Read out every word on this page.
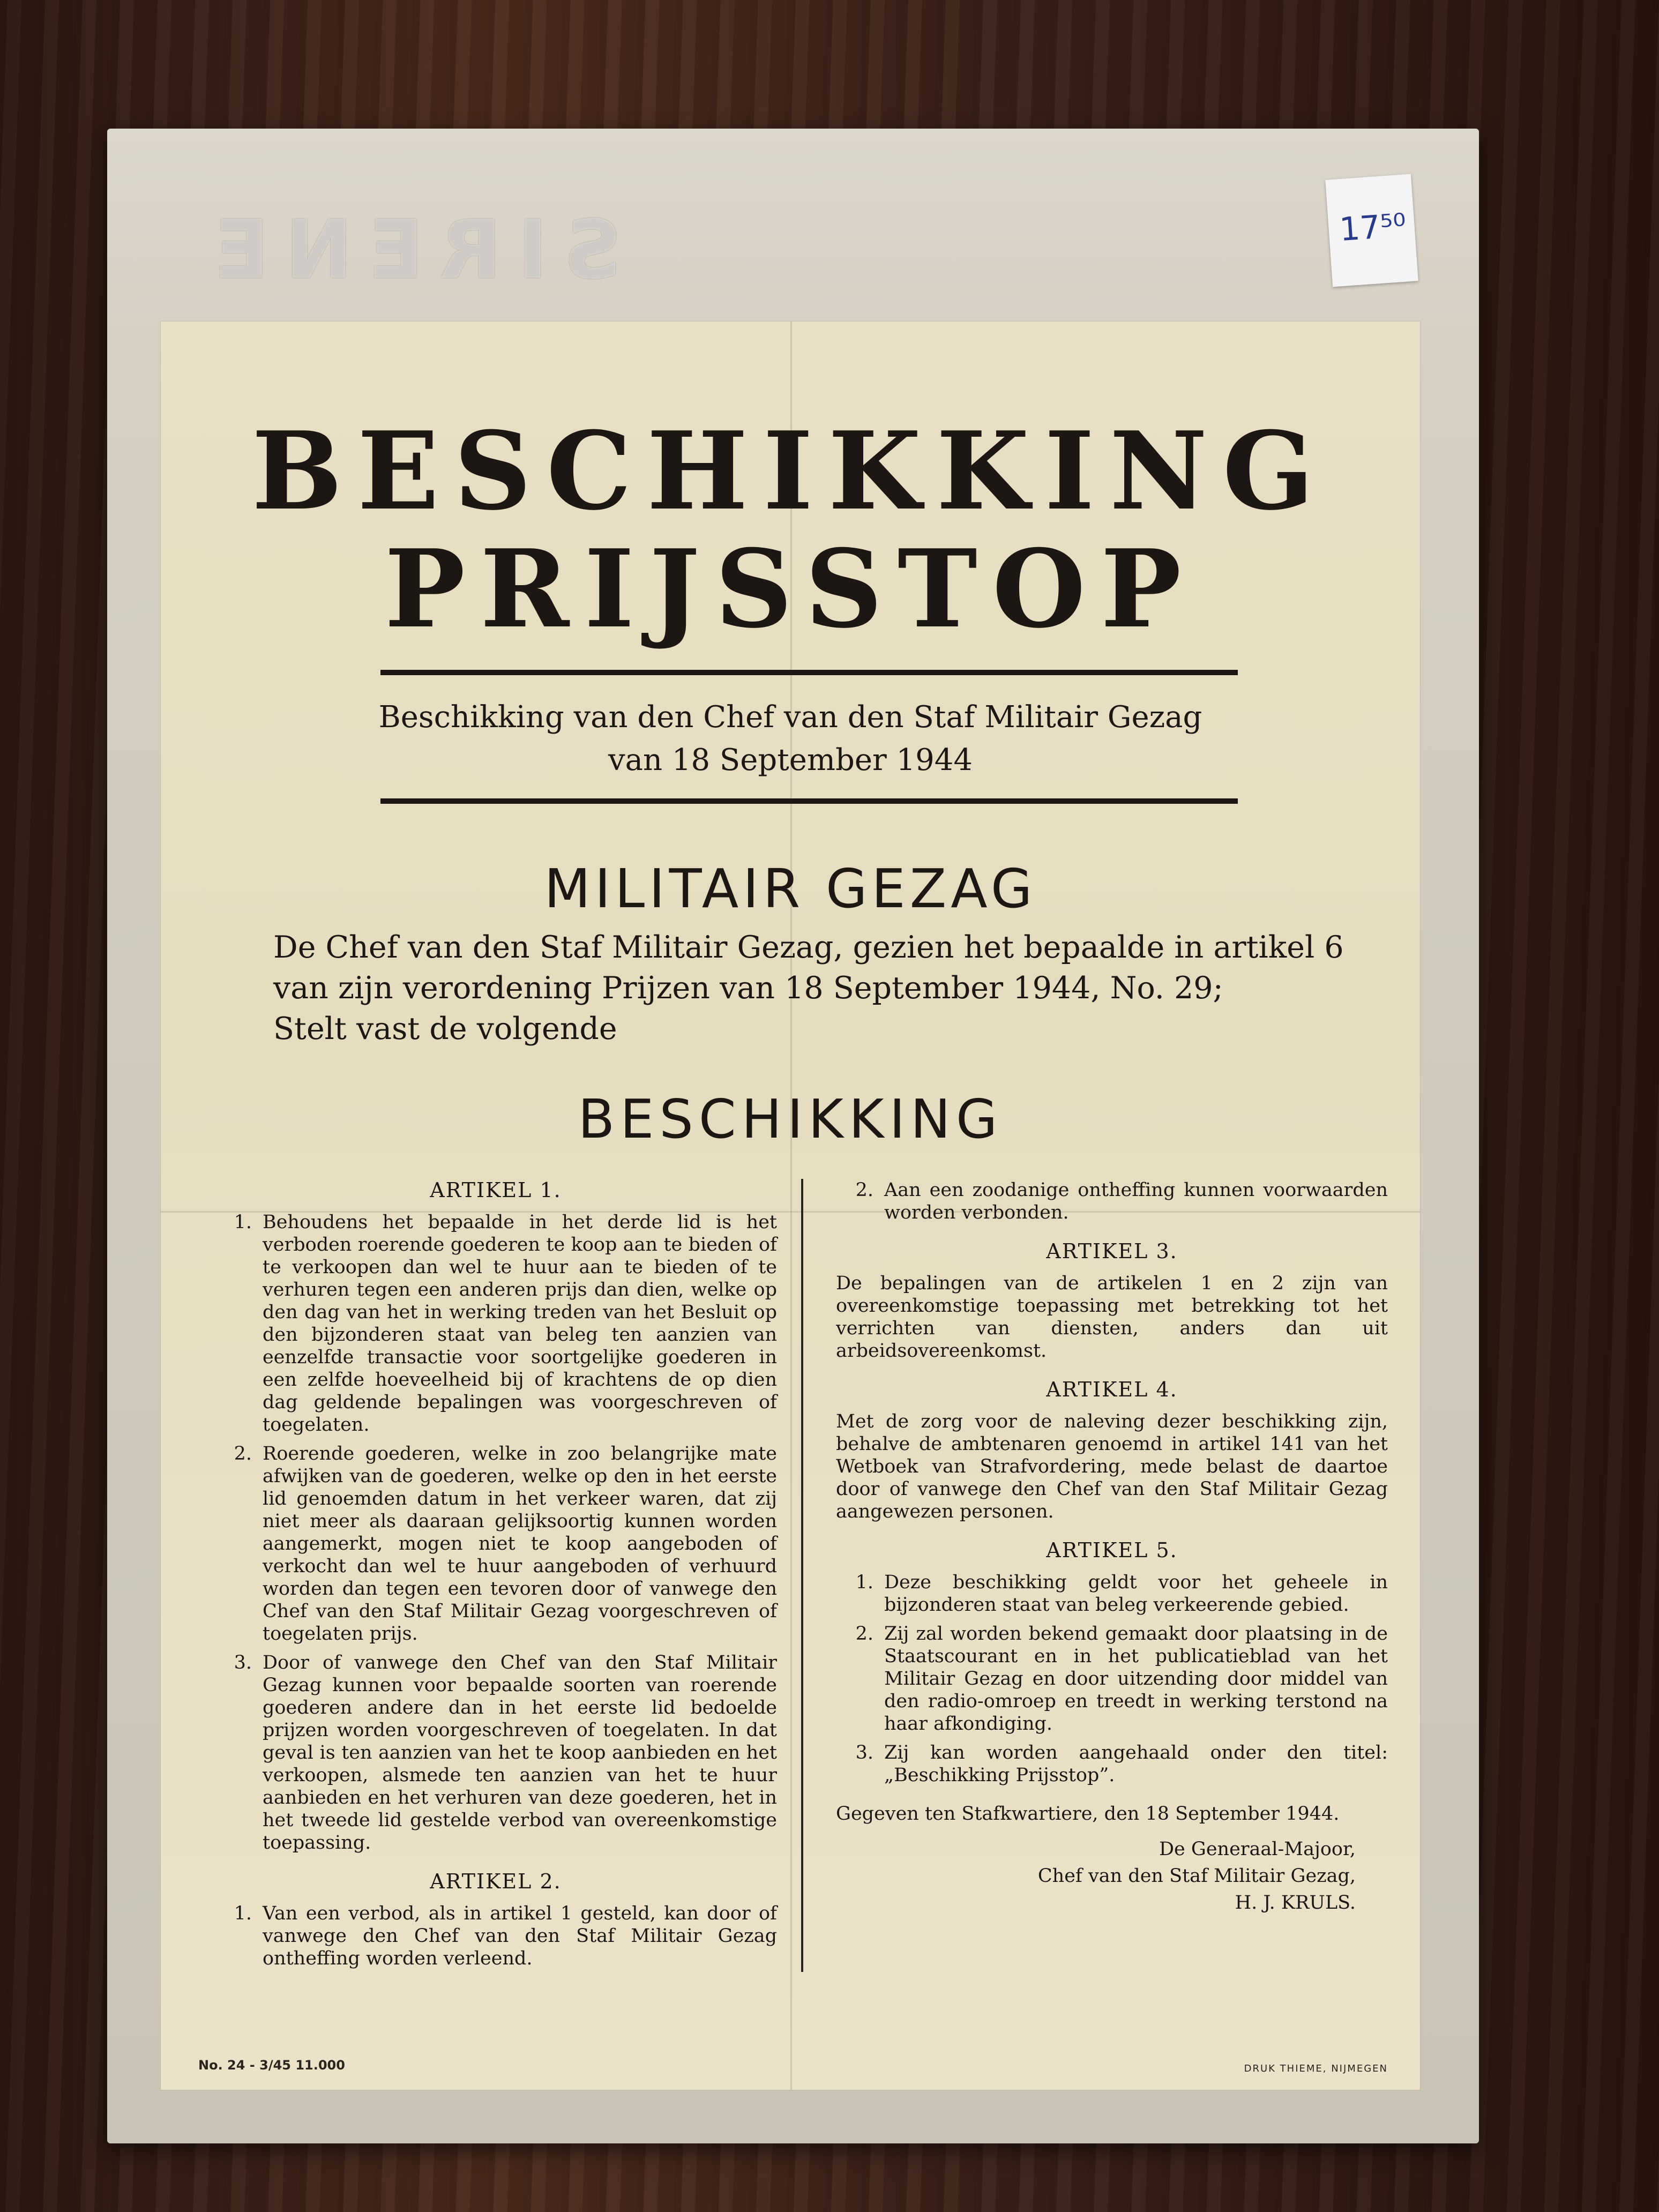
SIRENE	17⁵⁰
BESCHIKKING
PRIJSSTOP
Beschikking van den Chef van den Staf Militair Gezag
van 18 September 1944
MILITAIR GEZAG
De Chef van den Staf Militair Gezag, gezien het bepaalde in artikel 6
van zijn verordening Prijzen van 18 September 1944, No. 29;
Stelt vast de volgende
BESCHIKKING
ARTIKEL 1.
1. Behoudens het bepaalde in het derde lid is het verboden roerende goederen te koop aan te bieden of te verkoopen dan wel te huur aan te bieden of te verhuren tegen een anderen prijs dan dien, welke op den dag van het in werking treden van het Besluit op den bijzonderen staat van beleg ten aanzien van eenzelfde transactie voor soortgelijke goederen in een zelfde hoeveelheid bij of krachtens de op dien dag geldende bepalingen was voorgeschreven of toegelaten.
2. Roerende goederen, welke in zoo belangrijke mate afwijken van de goederen, welke op den in het eerste lid genoemden datum in het verkeer waren, dat zij niet meer als daaraan gelijksoortig kunnen worden aangemerkt, mogen niet te koop aangeboden of verkocht dan wel te huur aangeboden of verhuurd worden dan tegen een tevoren door of vanwege den Chef van den Staf Militair Gezag voorgeschreven of toegelaten prijs.
3. Door of vanwege den Chef van den Staf Militair Gezag kunnen voor bepaalde soorten van roerende goederen andere dan in het eerste lid bedoelde prijzen worden voorgeschreven of toegelaten. In dat geval is ten aanzien van het te koop aanbieden en het verkoopen, alsmede ten aanzien van het te huur aanbieden en het verhuren van deze goederen, het in het tweede lid gestelde verbod van overeenkomstige toepassing.
ARTIKEL 2.
1. Van een verbod, als in artikel 1 gesteld, kan door of vanwege den Chef van den Staf Militair Gezag ontheffing worden verleend.
2. Aan een zoodanige ontheffing kunnen voorwaarden worden verbonden.
ARTIKEL 3.
De bepalingen van de artikelen 1 en 2 zijn van overeenkomstige toepassing met betrekking tot het verrichten van diensten, anders dan uit arbeidsovereenkomst.
ARTIKEL 4.
Met de zorg voor de naleving dezer beschikking zijn, behalve de ambtenaren genoemd in artikel 141 van het Wetboek van Strafvordering, mede belast de daartoe door of vanwege den Chef van den Staf Militair Gezag aangewezen personen.
ARTIKEL 5.
1. Deze beschikking geldt voor het geheele in bijzonderen staat van beleg verkeerende gebied.
2. Zij zal worden bekend gemaakt door plaatsing in de Staatscourant en in het publicatieblad van het Militair Gezag en door uitzending door middel van den radio-omroep en treedt in werking terstond na haar afkondiging.
3. Zij kan worden aangehaald onder den titel: „Beschikking Prijsstop”.
Gegeven ten Stafkwartiere, den 18 September 1944.
De Generaal-Majoor,
Chef van den Staf Militair Gezag,
H. J. KRULS.
No. 24 - 3/45 11.000	DRUK THIEME, NIJMEGEN
